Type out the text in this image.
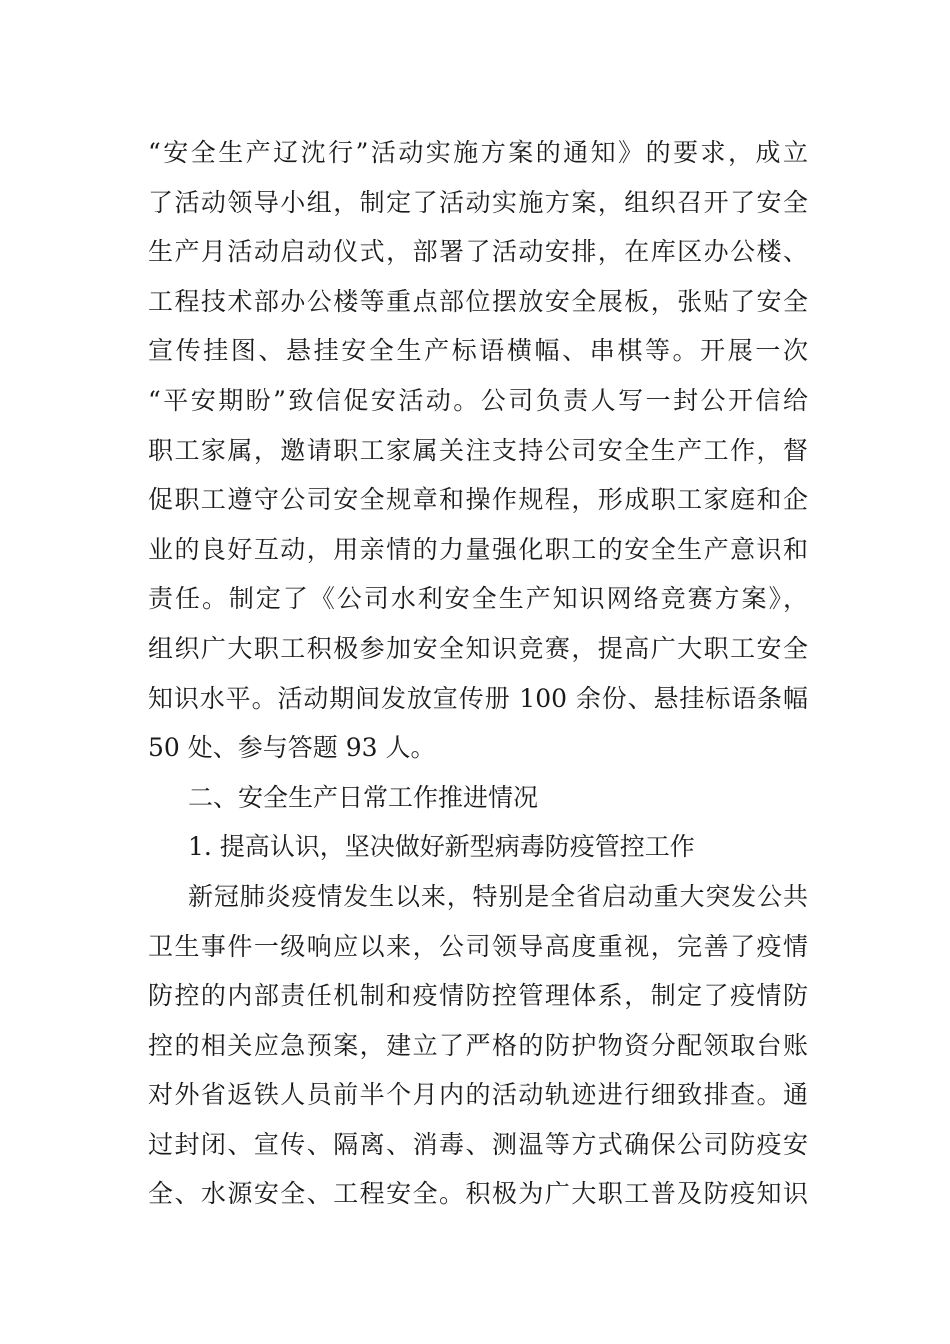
“安全生产辽沈行”活动实施方案的通知》的要求，成立
了活动领导小组，制定了活动实施方案，组织召开了安全
生产月活动启动仪式，部署了活动安排，在库区办公楼、
工程技术部办公楼等重点部位摆放安全展板，张贴了安全
宣传挂图、悬挂安全生产标语横幅、串棋等。开展一次
“平安期盼”致信促安活动。公司负责人写一封公开信给
职工家属，邀请职工家属关注支持公司安全生产工作，督
促职工遵守公司安全规章和操作规程，形成职工家庭和企
业的良好互动，用亲情的力量强化职工的安全生产意识和
责任。制定了《公司水利安全生产知识网络竞赛方案》，
组织广大职工积极参加安全知识竞赛，提高广大职工安全
知识水平。活动期间发放宣传册 100 余份、悬挂标语条幅
50 处、参与答题 93 人。
二、安全生产日常工作推进情况
1. 提高认识，坚决做好新型病毒防疫管控工作
新冠肺炎疫情发生以来，特别是全省启动重大突发公共
卫生事件一级响应以来，公司领导高度重视，完善了疫情
防控的内部责任机制和疫情防控管理体系，制定了疫情防
控的相关应急预案，建立了严格的防护物资分配领取台账
对外省返铁人员前半个月内的活动轨迹进行细致排查。通
过封闭、宣传、隔离、消毒、测温等方式确保公司防疫安
全、水源安全、工程安全。积极为广大职工普及防疫知识
